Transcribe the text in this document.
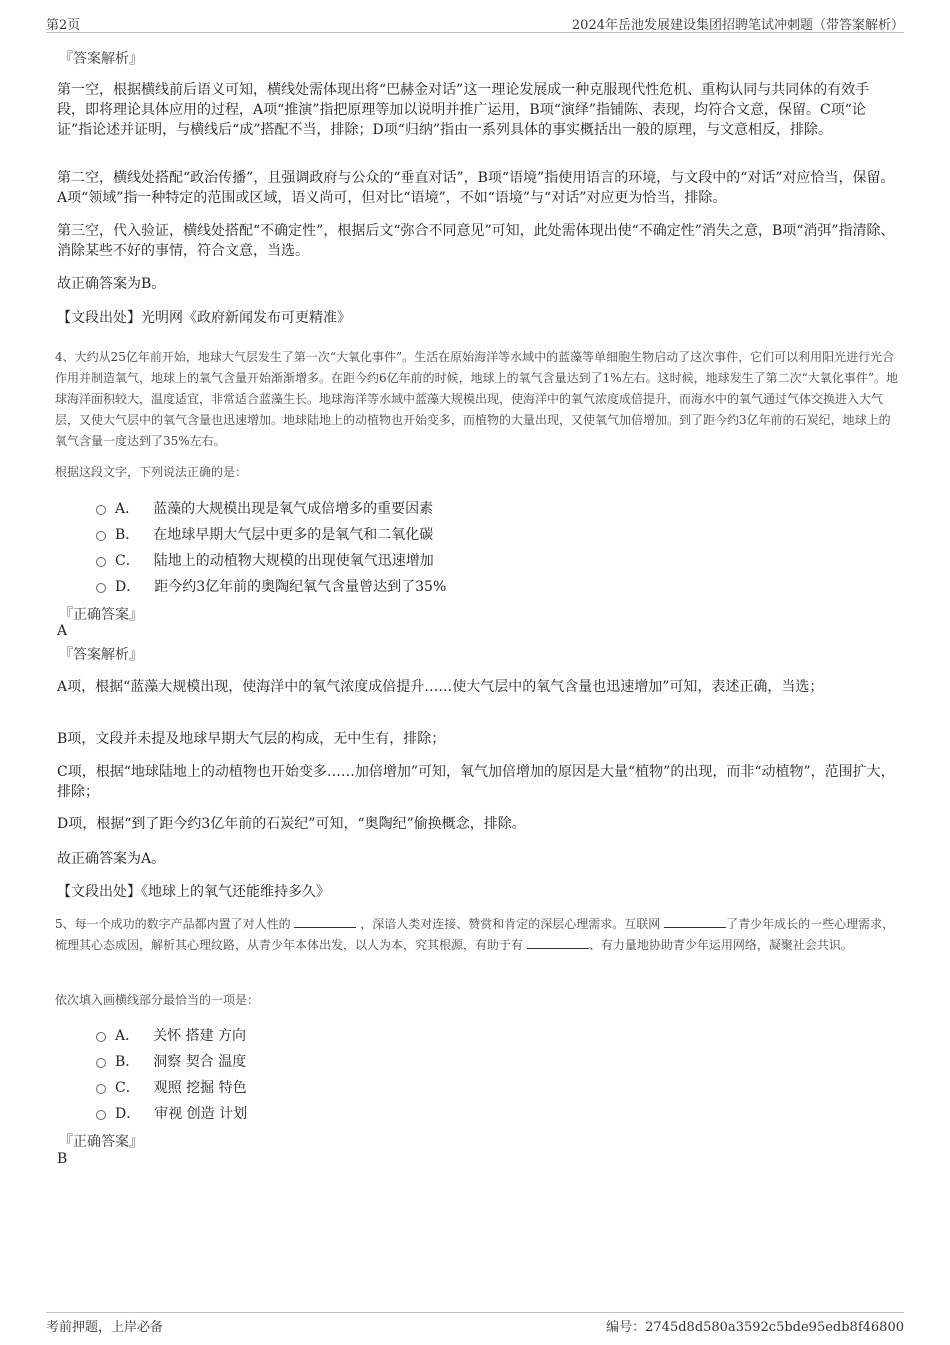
第2页	2024年岳池发展建设集团招聘笔试冲刺题（带答案解析）
『答案解析』
第一空，根据横线前后语义可知，横线处需体现出将“巴赫金对话”这一理论发展成一种克服现代性危机、重构认同与共同体的有效手段，即将理论具体应用的过程，A项“推演”指把原理等加以说明并推广运用，B项“演绎”指铺陈、表现，均符合文意，保留。C项“论证”指论述并证明，与横线后“成”搭配不当，排除；D项“归纳”指由一系列具体的事实概括出一般的原理，与文意相反，排除。
第二空，横线处搭配“政治传播”，且强调政府与公众的“垂直对话”，B项“语境”指使用语言的环境，与文段中的“对话”对应恰当，保留。A项“领域”指一种特定的范围或区域，语义尚可，但对比“语境”，不如“语境”与“对话”对应更为恰当，排除。
第三空，代入验证，横线处搭配“不确定性”，根据后文“弥合不同意见”可知，此处需体现出使“不确定性”消失之意，B项“消弭”指清除、消除某些不好的事情，符合文意，当选。
故正确答案为B。
【文段出处】光明网《政府新闻发布可更精准》
4、大约从25亿年前开始，地球大气层发生了第一次“大氧化事件”。生活在原始海洋等水域中的蓝藻等单细胞生物启动了这次事件，它们可以利用阳光进行光合作用并制造氧气，地球上的氧气含量开始渐渐增多。在距今约6亿年前的时候，地球上的氧气含量达到了1%左右。这时候，地球发生了第二次“大氧化事件”。地球海洋面积较大，温度适宜，非常适合蓝藻生长。地球海洋等水域中蓝藻大规模出现，使海洋中的氧气浓度成倍提升，而海水中的氧气通过气体交换进入大气层，又使大气层中的氧气含量也迅速增加。地球陆地上的动植物也开始变多，而植物的大量出现，又使氧气加倍增加。到了距今约3亿年前的石炭纪，地球上的氧气含量一度达到了35%左右。
根据这段文字，下列说法正确的是：
A． 蓝藻的大规模出现是氧气成倍增多的重要因素
B． 在地球早期大气层中更多的是氧气和二氧化碳
C． 陆地上的动植物大规模的出现使氧气迅速增加
D． 距今约3亿年前的奥陶纪氧气含量曾达到了35%
『正确答案』
A
『答案解析』
A项，根据“蓝藻大规模出现，使海洋中的氧气浓度成倍提升……使大气层中的氧气含量也迅速增加”可知，表述正确，当选；
B项，文段并未提及地球早期大气层的构成，无中生有，排除；
C项，根据“地球陆地上的动植物也开始变多……加倍增加”可知，氧气加倍增加的原因是大量“植物”的出现，而非“动植物”，范围扩大，排除；
D项，根据“到了距今约3亿年前的石炭纪”可知，“奥陶纪”偷换概念，排除。
故正确答案为A。
【文段出处】《地球上的氧气还能维持多久》
5、每一个成功的数字产品都内置了对人性的	，深谙人类对连接、赞赏和肯定的深层心理需求。互联网	了青少年成长的一些心理需求，梳理其心态成因，解析其心理纹路，从青少年本体出发，以人为本，究其根源，有助于有	、有力量地协助青少年运用网络，凝聚社会共识。
依次填入画横线部分最恰当的一项是：
A． 关怀 搭建 方向
B． 洞察 契合 温度
C． 观照 挖掘 特色
D． 审视 创造 计划
『正确答案』
B
考前押题，上岸必备	编号：2745d8d580a3592c5bde95edb8f46800
